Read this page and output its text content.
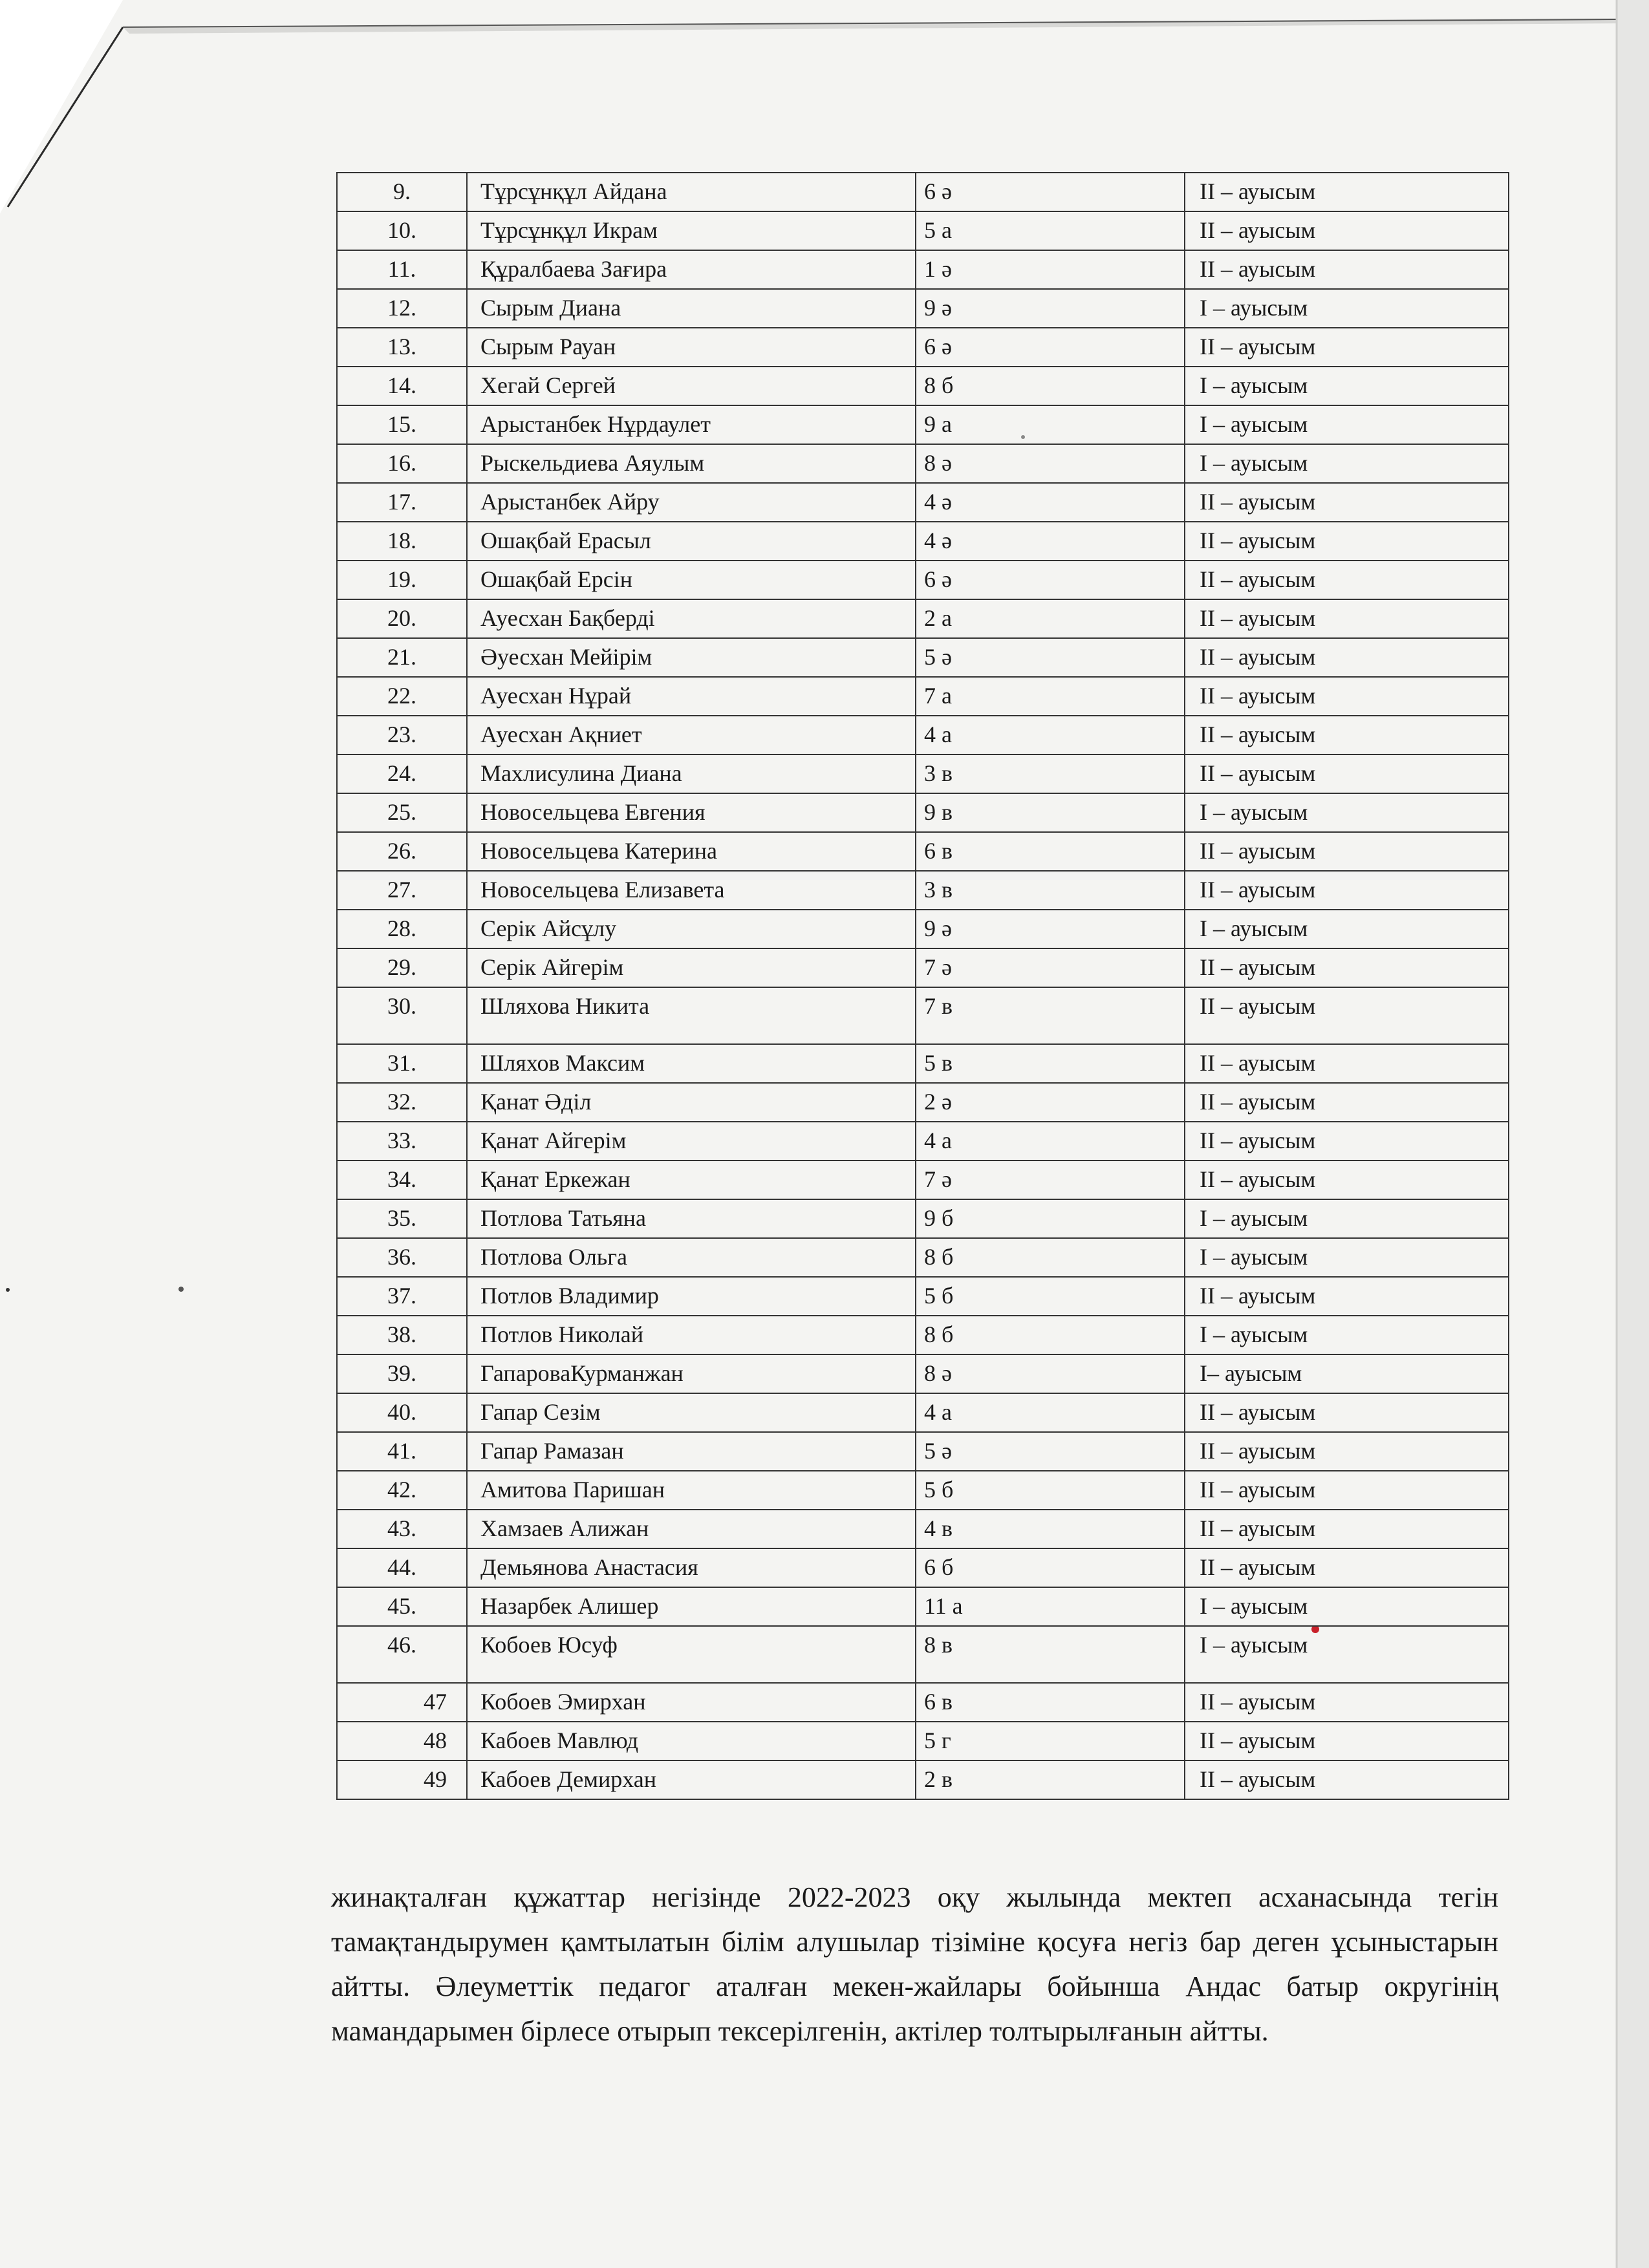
9.	Тұрсұнқұл Айдана	6 ә	ІІ – ауысым
10.	Тұрсұнқұл Икрам	5 а	ІІ – ауысым
11.	Құралбаева Зағира	1 ә	ІІ – ауысым
12.	Сырым Диана	9 ә	І – ауысым
13.	Сырым Рауан	6 ә	ІІ – ауысым
14.	Хегай Сергей	8 б	І – ауысым
15.	Арыстанбек Нұрдаулет	9 а	І – ауысым
16.	Рыскельдиева Аяулым	8 ә	І – ауысым
17.	Арыстанбек Айру	4 ә	ІІ – ауысым
18.	Ошақбай Ерасыл	4 ә	ІІ – ауысым
19.	Ошақбай Ерсін	6 ә	ІІ – ауысым
20.	Ауесхан Бақберді	2 а	ІІ – ауысым
21.	Әуесхан Мейірім	5 ә	ІІ – ауысым
22.	Ауесхан Нұрай	7 а	ІІ – ауысым
23.	Ауесхан Ақниет	4 а	ІІ – ауысым
24.	Махлисулина Диана	3 в	ІІ – ауысым
25.	Новосельцева Евгения	9 в	І – ауысым
26.	Новосельцева Катерина	6 в	ІІ – ауысым
27.	Новосельцева Елизавета	3 в	ІІ – ауысым
28.	Серік Айсұлу	9 ә	І – ауысым
29.	Серік Айгерім	7 ә	ІІ – ауысым
30.	Шляхова Никита	7 в	ІІ – ауысым
31.	Шляхов Максим	5 в	ІІ – ауысым
32.	Қанат Әділ	2 ә	ІІ – ауысым
33.	Қанат Айгерім	4 а	ІІ – ауысым
34.	Қанат Еркежан	7 ә	ІІ – ауысым
35.	Потлова Татьяна	9 б	І – ауысым
36.	Потлова Ольга	8 б	І – ауысым
37.	Потлов Владимир	5 б	ІІ – ауысым
38.	Потлов Николай	8 б	І – ауысым
39.	ГапароваКурманжан	8 ә	І– ауысым
40.	Гапар Сезім	4 а	ІІ – ауысым
41.	Гапар Рамазан	5 ә	ІІ – ауысым
42.	Амитова Паришан	5 б	ІІ – ауысым
43.	Хамзаев Алижан	4 в	ІІ – ауысым
44.	Демьянова Анастасия	6 б	ІІ – ауысым
45.	Назарбек Алишер	11 а	І – ауысым
46.	Кобоев Юсуф	8 в	І – ауысым
47	Кобоев Эмирхан	6 в	ІІ – ауысым
48	Кабоев Мавлюд	5 г	ІІ – ауысым
49	Кабоев Демирхан	2 в	ІІ – ауысым

жинақталған құжаттар негізінде 2022-2023 оқу жылында мектеп асханасында тегін тамақтандырумен қамтылатын білім алушылар тізіміне қосуға негіз бар деген ұсыныстарын айтты. Әлеуметтік педагог аталған мекен-жайлары бойынша Андас батыр округінің мамандарымен бірлесе отырып тексерілгенін, актілер толтырылғанын айтты.
